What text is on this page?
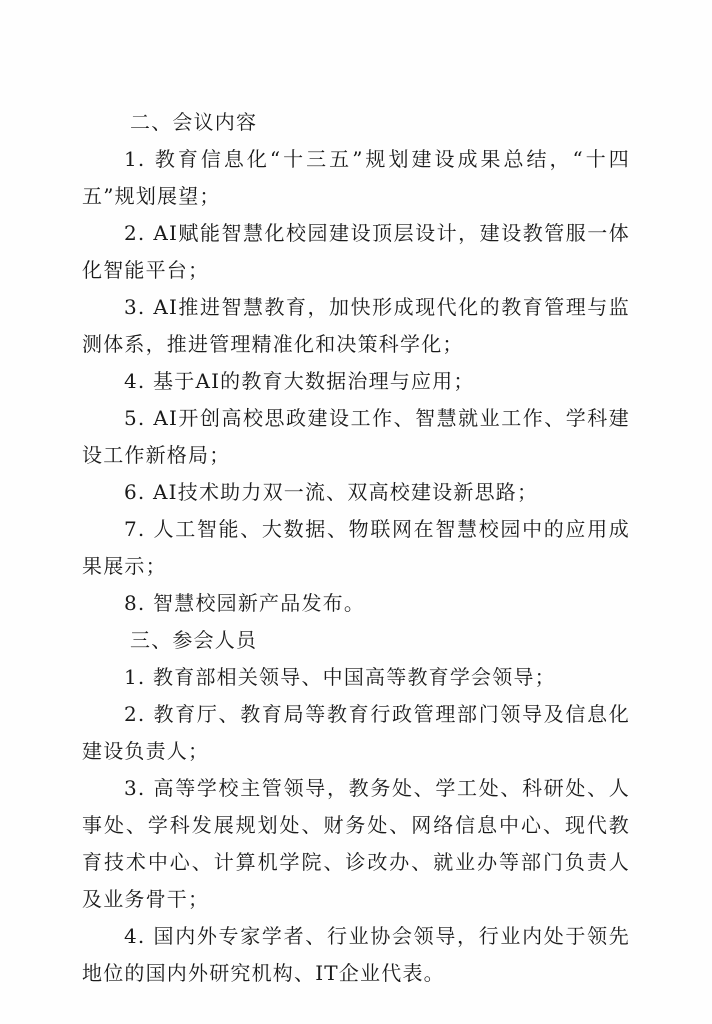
二、会议内容

1. 教育信息化“十三五”规划建设成果总结，“十四五”规划展望；

2. AI赋能智慧化校园建设顶层设计，建设教管服一体化智能平台；

3. AI推进智慧教育，加快形成现代化的教育管理与监测体系，推进管理精准化和决策科学化；

4. 基于AI的教育大数据治理与应用；

5. AI开创高校思政建设工作、智慧就业工作、学科建设工作新格局；

6. AI技术助力双一流、双高校建设新思路；

7. 人工智能、大数据、物联网在智慧校园中的应用成果展示；

8. 智慧校园新产品发布。

三、参会人员

1. 教育部相关领导、中国高等教育学会领导；

2. 教育厅、教育局等教育行政管理部门领导及信息化建设负责人；

3. 高等学校主管领导，教务处、学工处、科研处、人事处、学科发展规划处、财务处、网络信息中心、现代教育技术中心、计算机学院、诊改办、就业办等部门负责人及业务骨干；

4. 国内外专家学者、行业协会领导，行业内处于领先地位的国内外研究机构、IT企业代表。
